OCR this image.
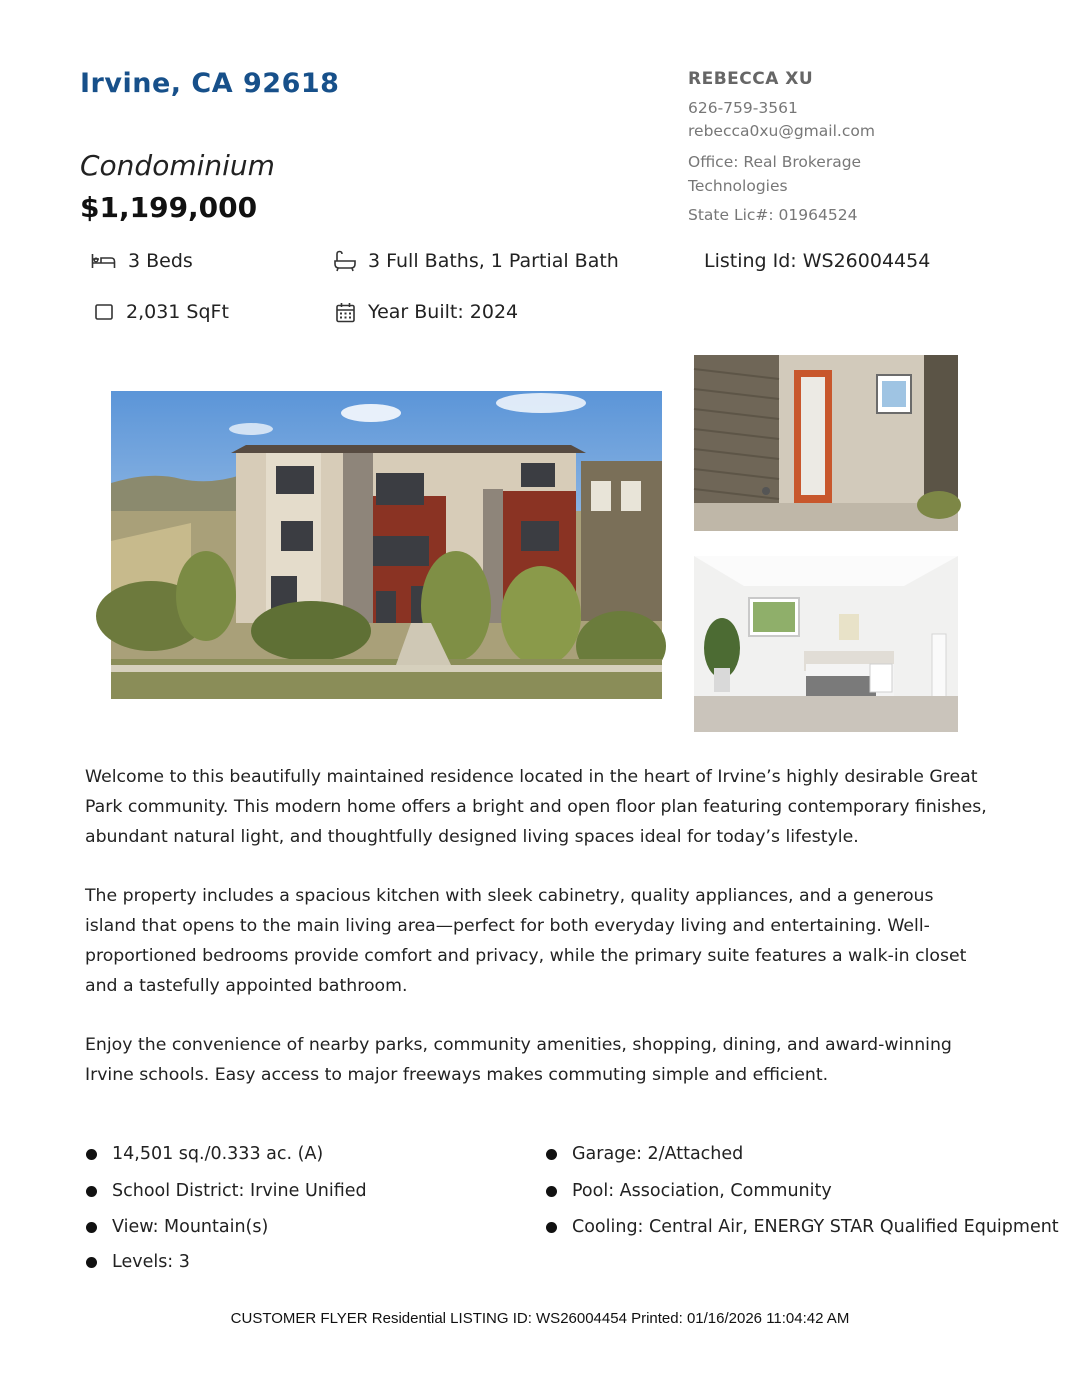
Irvine, CA 92618
Condominium
$1,199,000
REBECCA XU
626-759-3561
rebecca0xu@gmail.com
Office: Real Brokerage Technologies
State Lic#: 01964524
3 Beds	3 Full Baths, 1 Partial Bath	Listing Id: WS26004454
2,031 SqFt	Year Built: 2024

Welcome to this beautifully maintained residence located in the heart of Irvine’s highly desirable Great Park community. This modern home offers a bright and open floor plan featuring contemporary finishes, abundant natural light, and thoughtfully designed living spaces ideal for today’s lifestyle.

The property includes a spacious kitchen with sleek cabinetry, quality appliances, and a generous island that opens to the main living area—perfect for both everyday living and entertaining. Well-proportioned bedrooms provide comfort and privacy, while the primary suite features a walk-in closet and a tastefully appointed bathroom.

Enjoy the convenience of nearby parks, community amenities, shopping, dining, and award-winning Irvine schools. Easy access to major freeways makes commuting simple and efficient.

14,501 sq./0.333 ac. (A)
School District: Irvine Unified
View: Mountain(s)
Levels: 3
Garage: 2/Attached
Pool: Association, Community
Cooling: Central Air, ENERGY STAR Qualified Equipment
CUSTOMER FLYER Residential LISTING ID: WS26004454 Printed: 01/16/2026 11:04:42 AM
